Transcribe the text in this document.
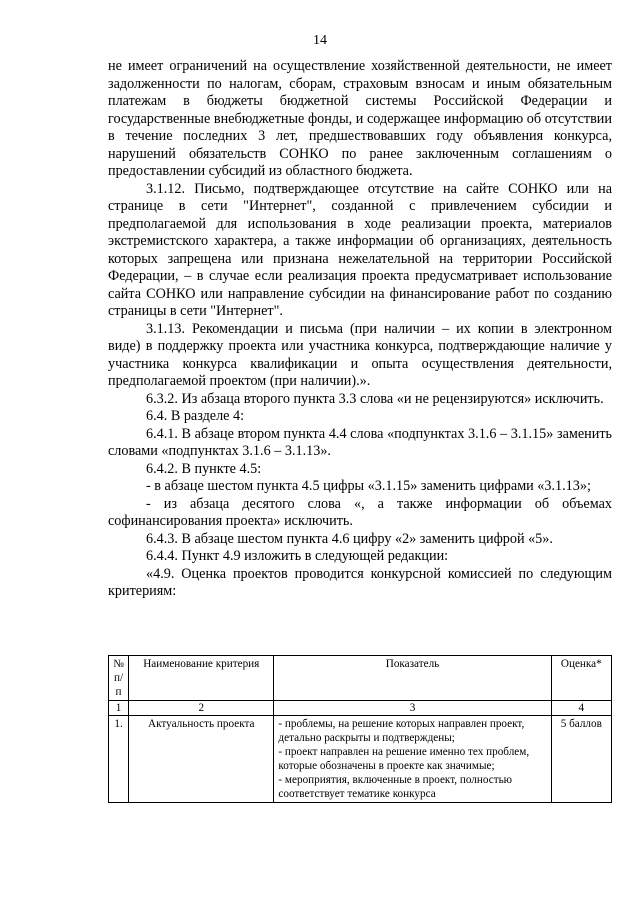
14

не имеет ограничений на осуществление хозяйственной деятельности, не имеет задолженности по налогам, сборам, страховым взносам и иным обязательным платежам в бюджеты бюджетной системы Российской Федерации и государственные внебюджетные фонды, и содержащее информацию об отсутствии в течение последних 3 лет, предшествовавших году объявления конкурса, нарушений обязательств СОНКО по ранее заключенным соглашениям о предоставлении субсидий из областного бюджета.

3.1.12. Письмо, подтверждающее отсутствие на сайте СОНКО или на странице в сети "Интернет", созданной с привлечением субсидии и предполагаемой для использования в ходе реализации проекта, материалов экстремистского характера, а также информации об организациях, деятельность которых запрещена или признана нежелательной на территории Российской Федерации, – в случае если реализация проекта предусматривает использование сайта СОНКО или направление субсидии на финансирование работ по созданию страницы в сети "Интернет".

3.1.13. Рекомендации и письма (при наличии – их копии в электронном виде) в поддержку проекта или участника конкурса, подтверждающие наличие у участника конкурса квалификации и опыта осуществления деятельности, предполагаемой проектом (при наличии).».

6.3.2. Из абзаца второго пункта 3.3 слова «и не рецензируются» исключить.

6.4. В разделе 4:

6.4.1. В абзаце втором пункта 4.4 слова «подпунктах 3.1.6 – 3.1.15» заменить словами «подпунктах 3.1.6 – 3.1.13».

6.4.2. В пункте 4.5:

- в абзаце шестом пункта 4.5 цифры «3.1.15» заменить цифрами «3.1.13»;

- из абзаца десятого слова «, а также информации об объемах софинансирования проекта» исключить.

6.4.3. В абзаце шестом пункта 4.6 цифру «2» заменить цифрой «5».

6.4.4. Пункт 4.9 изложить в следующей редакции:

«4.9. Оценка проектов проводится конкурсной комиссией по следующим критериям:

№ п/п	Наименование критерия	Показатель	Оценка*
1	2	3	4
1.	Актуальность проекта	- проблемы, на решение которых направлен проект, детально раскрыты и подтверждены;
- проект направлен на решение именно тех проблем, которые обозначены в проекте как значимые;
- мероприятия, включенные в проект, полностью соответствует тематике конкурса	5 баллов
